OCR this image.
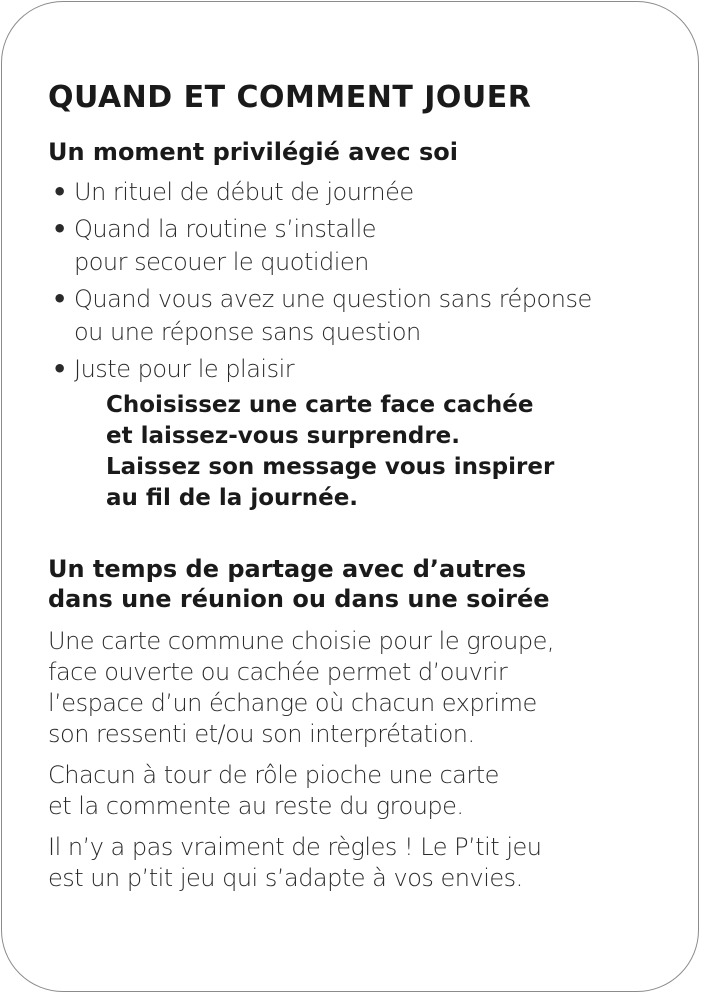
QUAND ET COMMENT JOUER
Un moment privilégié avec soi
• Un rituel de début de journée
• Quand la routine s’installe
pour secouer le quotidien
• Quand vous avez une question sans réponse
ou une réponse sans question
• Juste pour le plaisir

Choisissez une carte face cachée
et laissez-vous surprendre.
Laissez son message vous inspirer
au fil de la journée.

Un temps de partage avec d’autres
dans une réunion ou dans une soirée

Une carte commune choisie pour le groupe,
face ouverte ou cachée permet d’ouvrir
l’espace d’un échange où chacun exprime
son ressenti et/ou son interprétation.

Chacun à tour de rôle pioche une carte
et la commente au reste du groupe.

Il n’y a pas vraiment de règles ! Le P’tit jeu
est un p’tit jeu qui s’adapte à vos envies.
